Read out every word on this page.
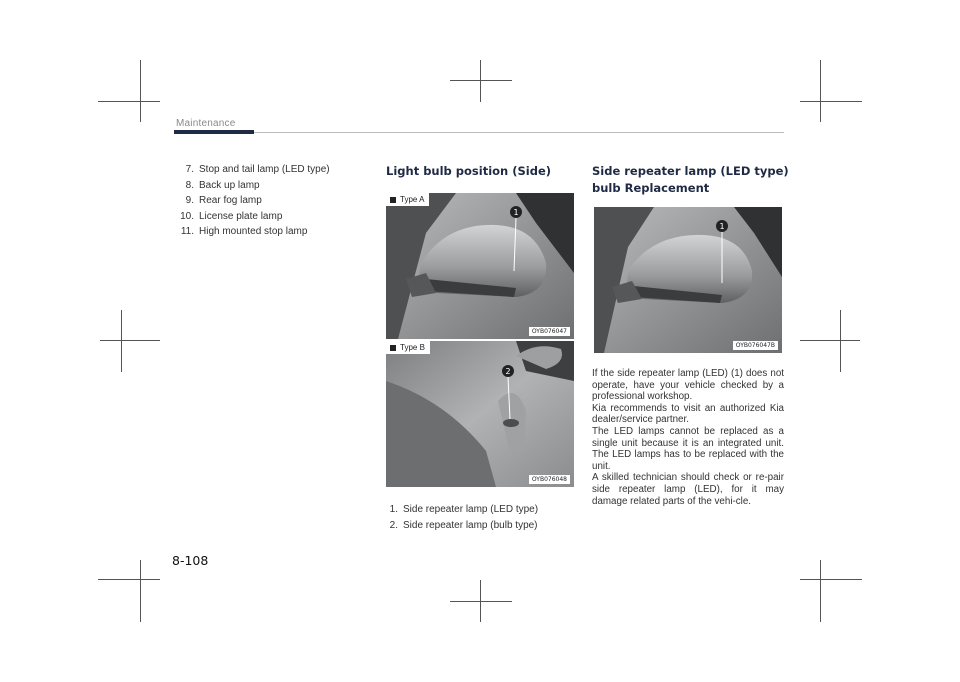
Maintenance
7. Stop and tail lamp (LED type)
8. Back up lamp
9. Rear fog lamp
10. License plate lamp
11. High mounted stop lamp
Light bulb position (Side)
1
Type A
OYB076047
2
Type B
OYB076048
1. Side repeater lamp (LED type)
2. Side repeater lamp (bulb type)
Side repeater lamp (LED type)
bulb Replacement
1
OYB076047B

If the side repeater lamp (LED) (1) does not operate, have your vehicle checked by a professional workshop.

Kia recommends to visit an authorized Kia dealer/service partner.

The LED lamps cannot be replaced as a single unit because it is an integrated unit. The LED lamps has to be replaced with the unit.

A skilled technician should check or re-pair side repeater lamp (LED), for it may damage related parts of the vehi-cle.

8-108
